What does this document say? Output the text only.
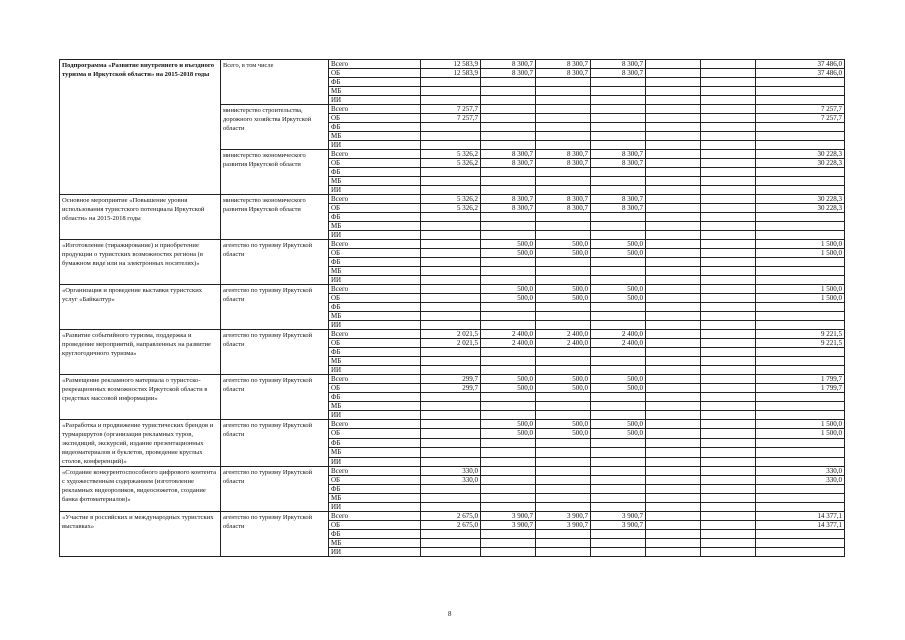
Подпрограмма «Развитие внутреннего и въездного туризма в Иркутской области» на 2015-2018 годы	Всего, в том числе	Всего	12 583,9	8 300,7	8 300,7	8 300,7			37 486,0
		ОБ	12 583,9	8 300,7	8 300,7	8 300,7			37 486,0
		ФБ							
		МБ							
		ИИ							
	министерство строительства, дорожного хозяйства Иркутской области	Всего	7 257,7						7 257,7
		ОБ	7 257,7						7 257,7
		ФБ							
		МБ							
		ИИ							
	министерство экономического развития Иркутской области	Всего	5 326,2	8 300,7	8 300,7	8 300,7			30 228,3
		ОБ	5 326,2	8 300,7	8 300,7	8 300,7			30 228,3
		ФБ							
		МБ							
		ИИ							
Основное мероприятие «Повышение уровня использования туристского потенциала Иркутской области» на 2015-2018 годы	министерство экономического развития Иркутской области	Всего	5 326,2	8 300,7	8 300,7	8 300,7			30 228,3
		ОБ	5 326,2	8 300,7	8 300,7	8 300,7			30 228,3
		ФБ							
		МБ							
		ИИ							
«Изготовление (тиражирование) и приобретение продукции о туристских возможностях региона (в бумажном виде или на электронных носителях)»	агентство по туризму Иркутской области	Всего		500,0	500,0	500,0			1 500,0
		ОБ		500,0	500,0	500,0			1 500,0
		ФБ							
		МБ							
		ИИ							
«Организация и проведение выставки туристских услуг «Байкалтур»	агентство по туризму Иркутской области	Всего		500,0	500,0	500,0			1 500,0
		ОБ		500,0	500,0	500,0			1 500,0
		ФБ							
		МБ							
		ИИ							
«Развитие событийного туризма, поддержка и проведение мероприятий, направленных на развитие круглогодичного туризма»	агентство по туризму Иркутской области	Всего	2 021,5	2 400,0	2 400,0	2 400,0			9 221,5
		ОБ	2 021,5	2 400,0	2 400,0	2 400,0			9 221,5
		ФБ							
		МБ							
		ИИ							
«Размещение рекламного материала о туристско-рекреационных возможностях Иркутской области в средствах массовой информации»	агентство по туризму Иркутской области	Всего	299,7	500,0	500,0	500,0			1 799,7
		ОБ	299,7	500,0	500,0	500,0			1 799,7
		ФБ							
		МБ							
		ИИ							
«Разработка и продвижение туристических брендов и турмаршрутов (организация рекламных туров, экспедиций, экскурсий, издание презентационных видеоматериалов и буклетов, проведение круглых столов, конференций)»	агентство по туризму Иркутской области	Всего		500,0	500,0	500,0			1 500,0
		ОБ		500,0	500,0	500,0			1 500,0
		ФБ							
		МБ							
		ИИ							
«Создание конкурентоспособного цифрового контента с художественным содержанием (изготовление рекламных видеороликов, видеосюжетов, создание банка фотоматериалов)»	агентство по туризму Иркутской области	Всего	330,0						330,0
		ОБ	330,0						330,0
		ФБ							
		МБ							
		ИИ							
«Участие в российских и международных туристских выставках»	агентство по туризму Иркутской области	Всего	2 675,0	3 900,7	3 900,7	3 900,7			14 377,1
		ОБ	2 675,0	3 900,7	3 900,7	3 900,7			14 377,1
		ФБ							
		МБ							
		ИИ							
8
